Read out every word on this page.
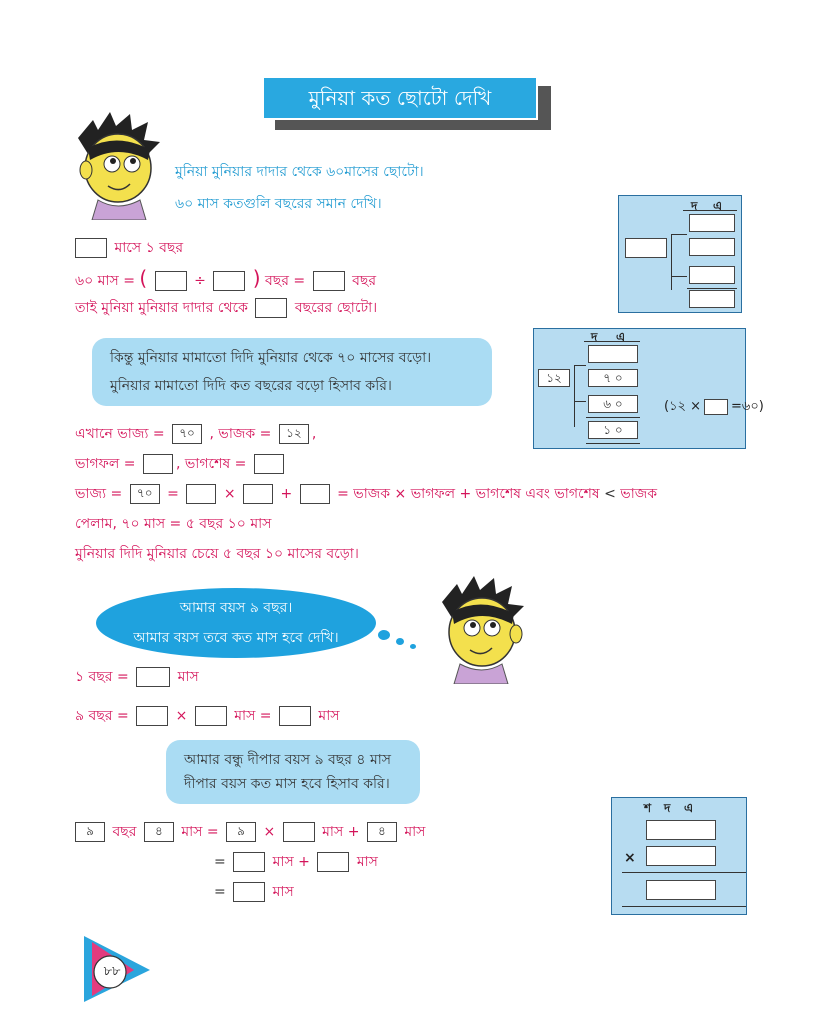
মুনিয়া কত ছোটো দেখি
মুনিয়া মুনিয়ার দাদার থেকে ৬০মাসের ছোটো।
৬০ মাস কতগুলি বছরের সমান দেখি।
মাসে ১ বছর
৬০ মাস = (	÷ ) বছর =	বছর
তাই মুনিয়া মুনিয়ার দাদার থেকে	বছরের ছোটো।
দ এ
কিন্তু মুনিয়ার মামাতো দিদি মুনিয়ার থেকে ৭০ মাসের বড়ো।
মুনিয়ার মামাতো দিদি কত বছরের বড়ো হিসাব করি।
দ এ
১২	৭ ০
৬ ০
১ ০
(১২ × =৬০)
এখানে ভাজ্য = ৭০ , ভাজক = ১২ ,
ভাগফল =	, ভাগশেষ =
ভাজ্য = ৭০ =	×	+	= ভাজক × ভাগফল + ভাগশেষ এবং ভাগশেষ < ভাজক
পেলাম, ৭০ মাস = ৫ বছর ১০ মাস
মুনিয়ার দিদি মুনিয়ার চেয়ে ৫ বছর ১০ মাসের বড়ো।
আমার বয়স ৯ বছর।
আমার বয়স তবে কত মাস হবে দেখি।
১ বছর =	মাস
৯ বছর =	×	মাস =	মাস
আমার বন্ধু দীপার বয়স ৯ বছর ৪ মাস
দীপার বয়স কত মাস হবে হিসাব করি।
৯ বছর ৪ মাস = ৯ ×	মাস + ৪ মাস
=	মাস +	মাস
=	মাস
শ দ এ
×
৮৮
